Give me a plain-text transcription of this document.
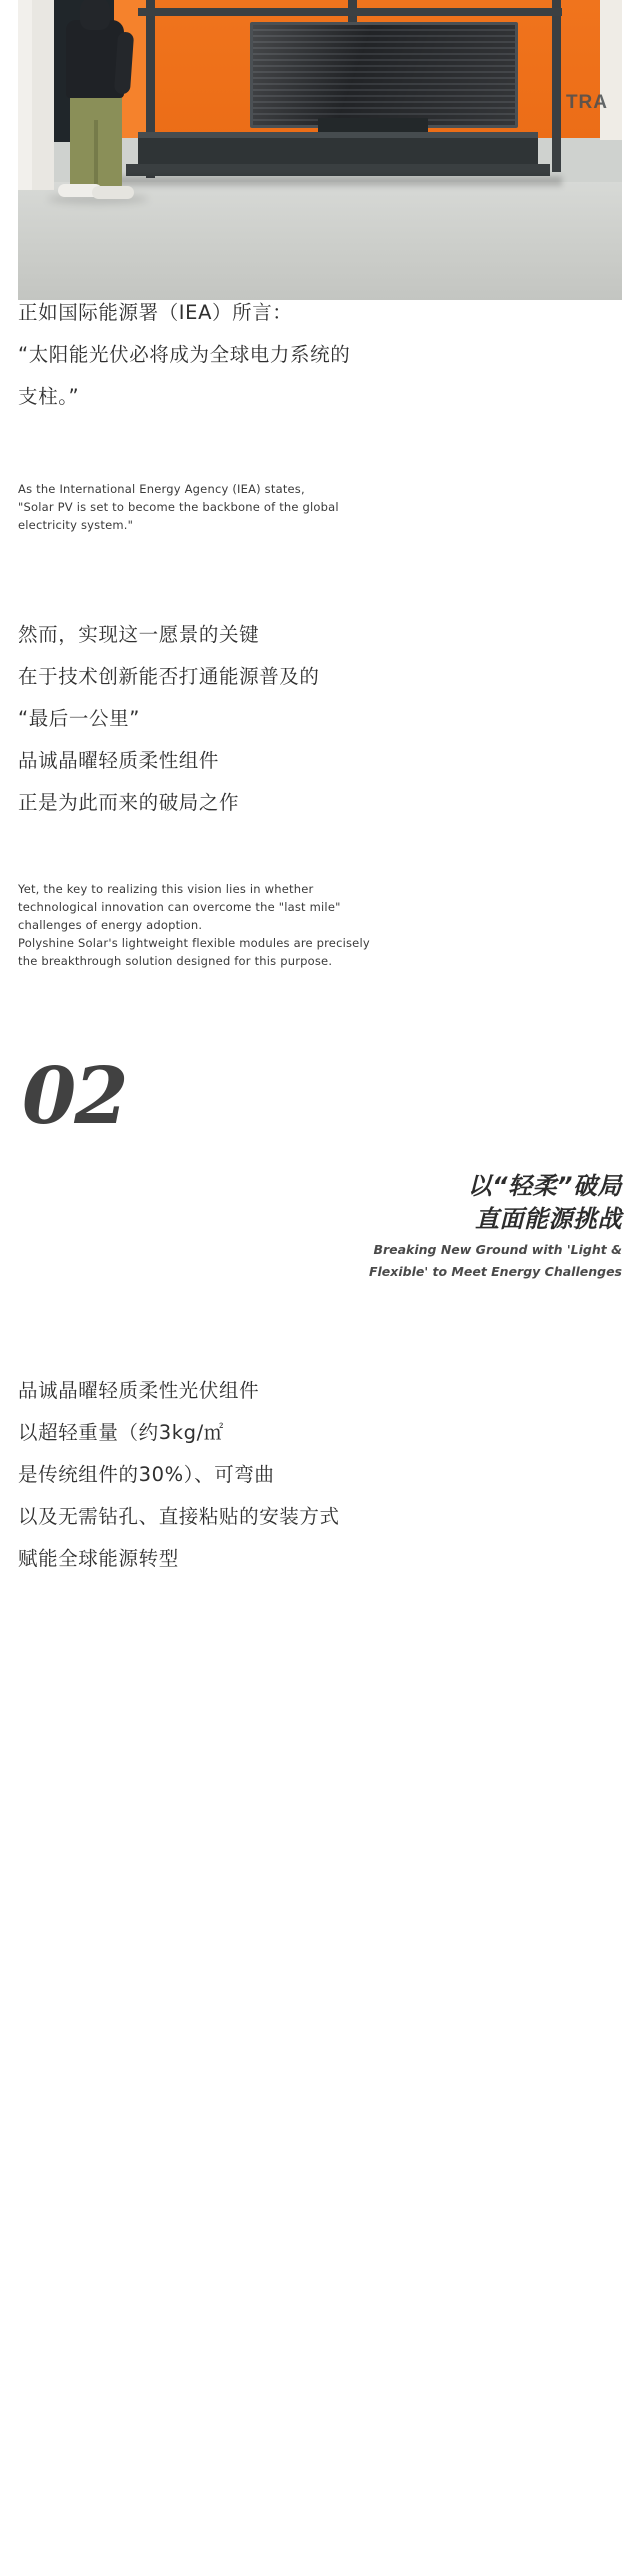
TRA
正如国际能源署（IEA）所言：
“太阳能光伏必将成为全球电力系统的
支柱。”
As the International Energy Agency (IEA) states,
"Solar PV is set to become the backbone of the global
electricity system."
然而，实现这一愿景的关键
在于技术创新能否打通能源普及的
“最后一公里”
品诚晶曜轻质柔性组件
正是为此而来的破局之作
Yet, the key to realizing this vision lies in whether
technological innovation can overcome the "last mile"
challenges of energy adoption.
Polyshine Solar's lightweight flexible modules are precisely
the breakthrough solution designed for this purpose.
02
以“轻柔”破局
直面能源挑战
Breaking New Ground with 'Light &
Flexible' to Meet Energy Challenges
品诚晶曜轻质柔性光伏组件
以超轻重量（约3kg/㎡
是传统组件的30%）、可弯曲
以及无需钻孔、直接粘贴的安装方式
赋能全球能源转型
